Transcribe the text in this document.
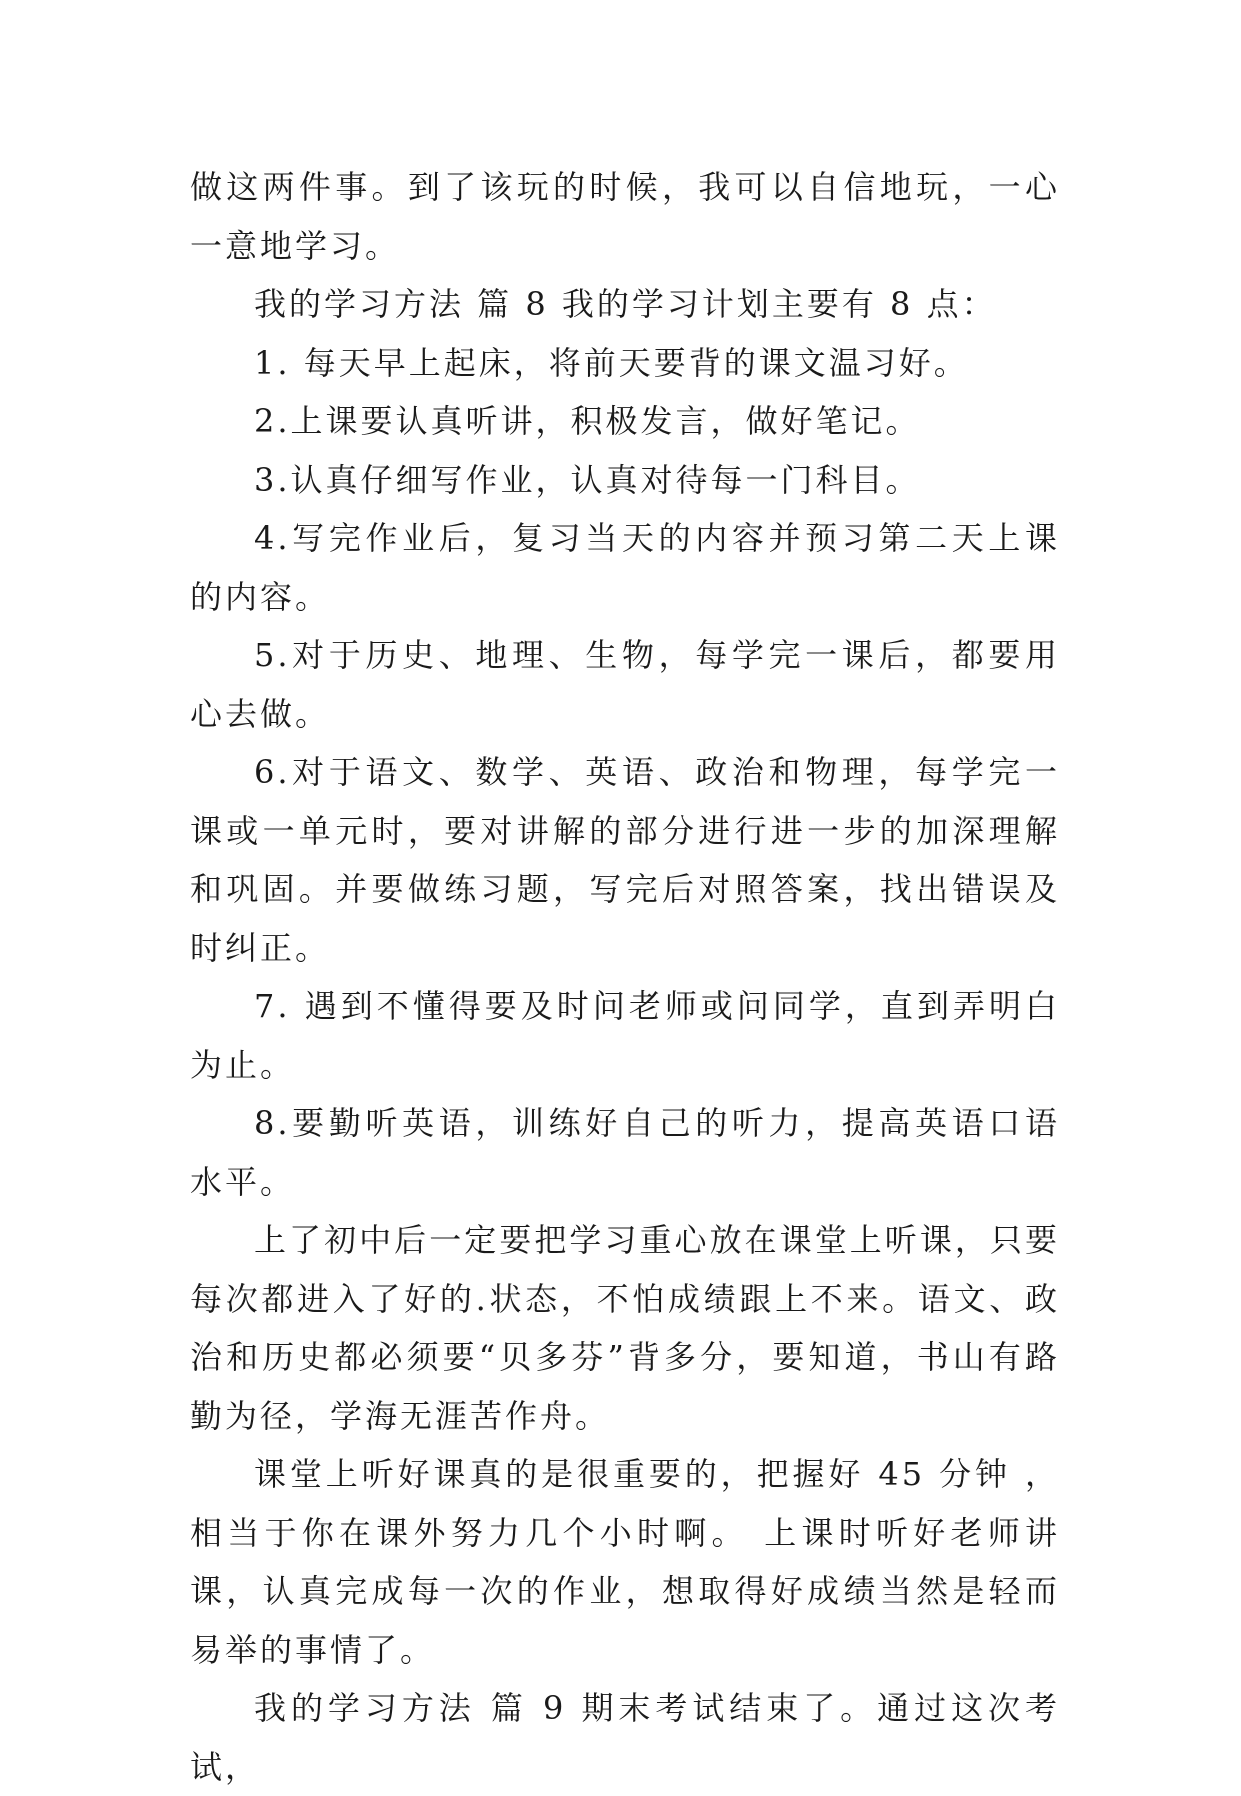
做这两件事。到了该玩的时候，我可以自信地玩，一心一意地学习。

我的学习方法 篇 8 我的学习计划主要有 8 点：

1. 每天早上起床，将前天要背的课文温习好。

2.上课要认真听讲，积极发言，做好笔记。

3.认真仔细写作业，认真对待每一门科目。

4.写完作业后，复习当天的内容并预习第二天上课的内容。

5.对于历史、地理、生物，每学完一课后，都要用心去做。

6.对于语文、数学、英语、政治和物理，每学完一课或一单元时，要对讲解的部分进行进一步的加深理解和巩固。并要做练习题，写完后对照答案，找出错误及时纠正。

7. 遇到不懂得要及时问老师或问同学，直到弄明白为止。

8.要勤听英语，训练好自己的听力，提高英语口语水平。

上了初中后一定要把学习重心放在课堂上听课，只要每次都进入了好的.状态，不怕成绩跟上不来。语文、政治和历史都必须要“贝多芬”背多分，要知道，书山有路勤为径，学海无涯苦作舟。

课堂上听好课真的是很重要的，把握好 45 分钟 ，相当于你在课外努力几个小时啊。 上课时听好老师讲课，认真完成每一次的作业，想取得好成绩当然是轻而易举的事情了。

我的学习方法 篇 9 期末考试结束了。通过这次考试，
